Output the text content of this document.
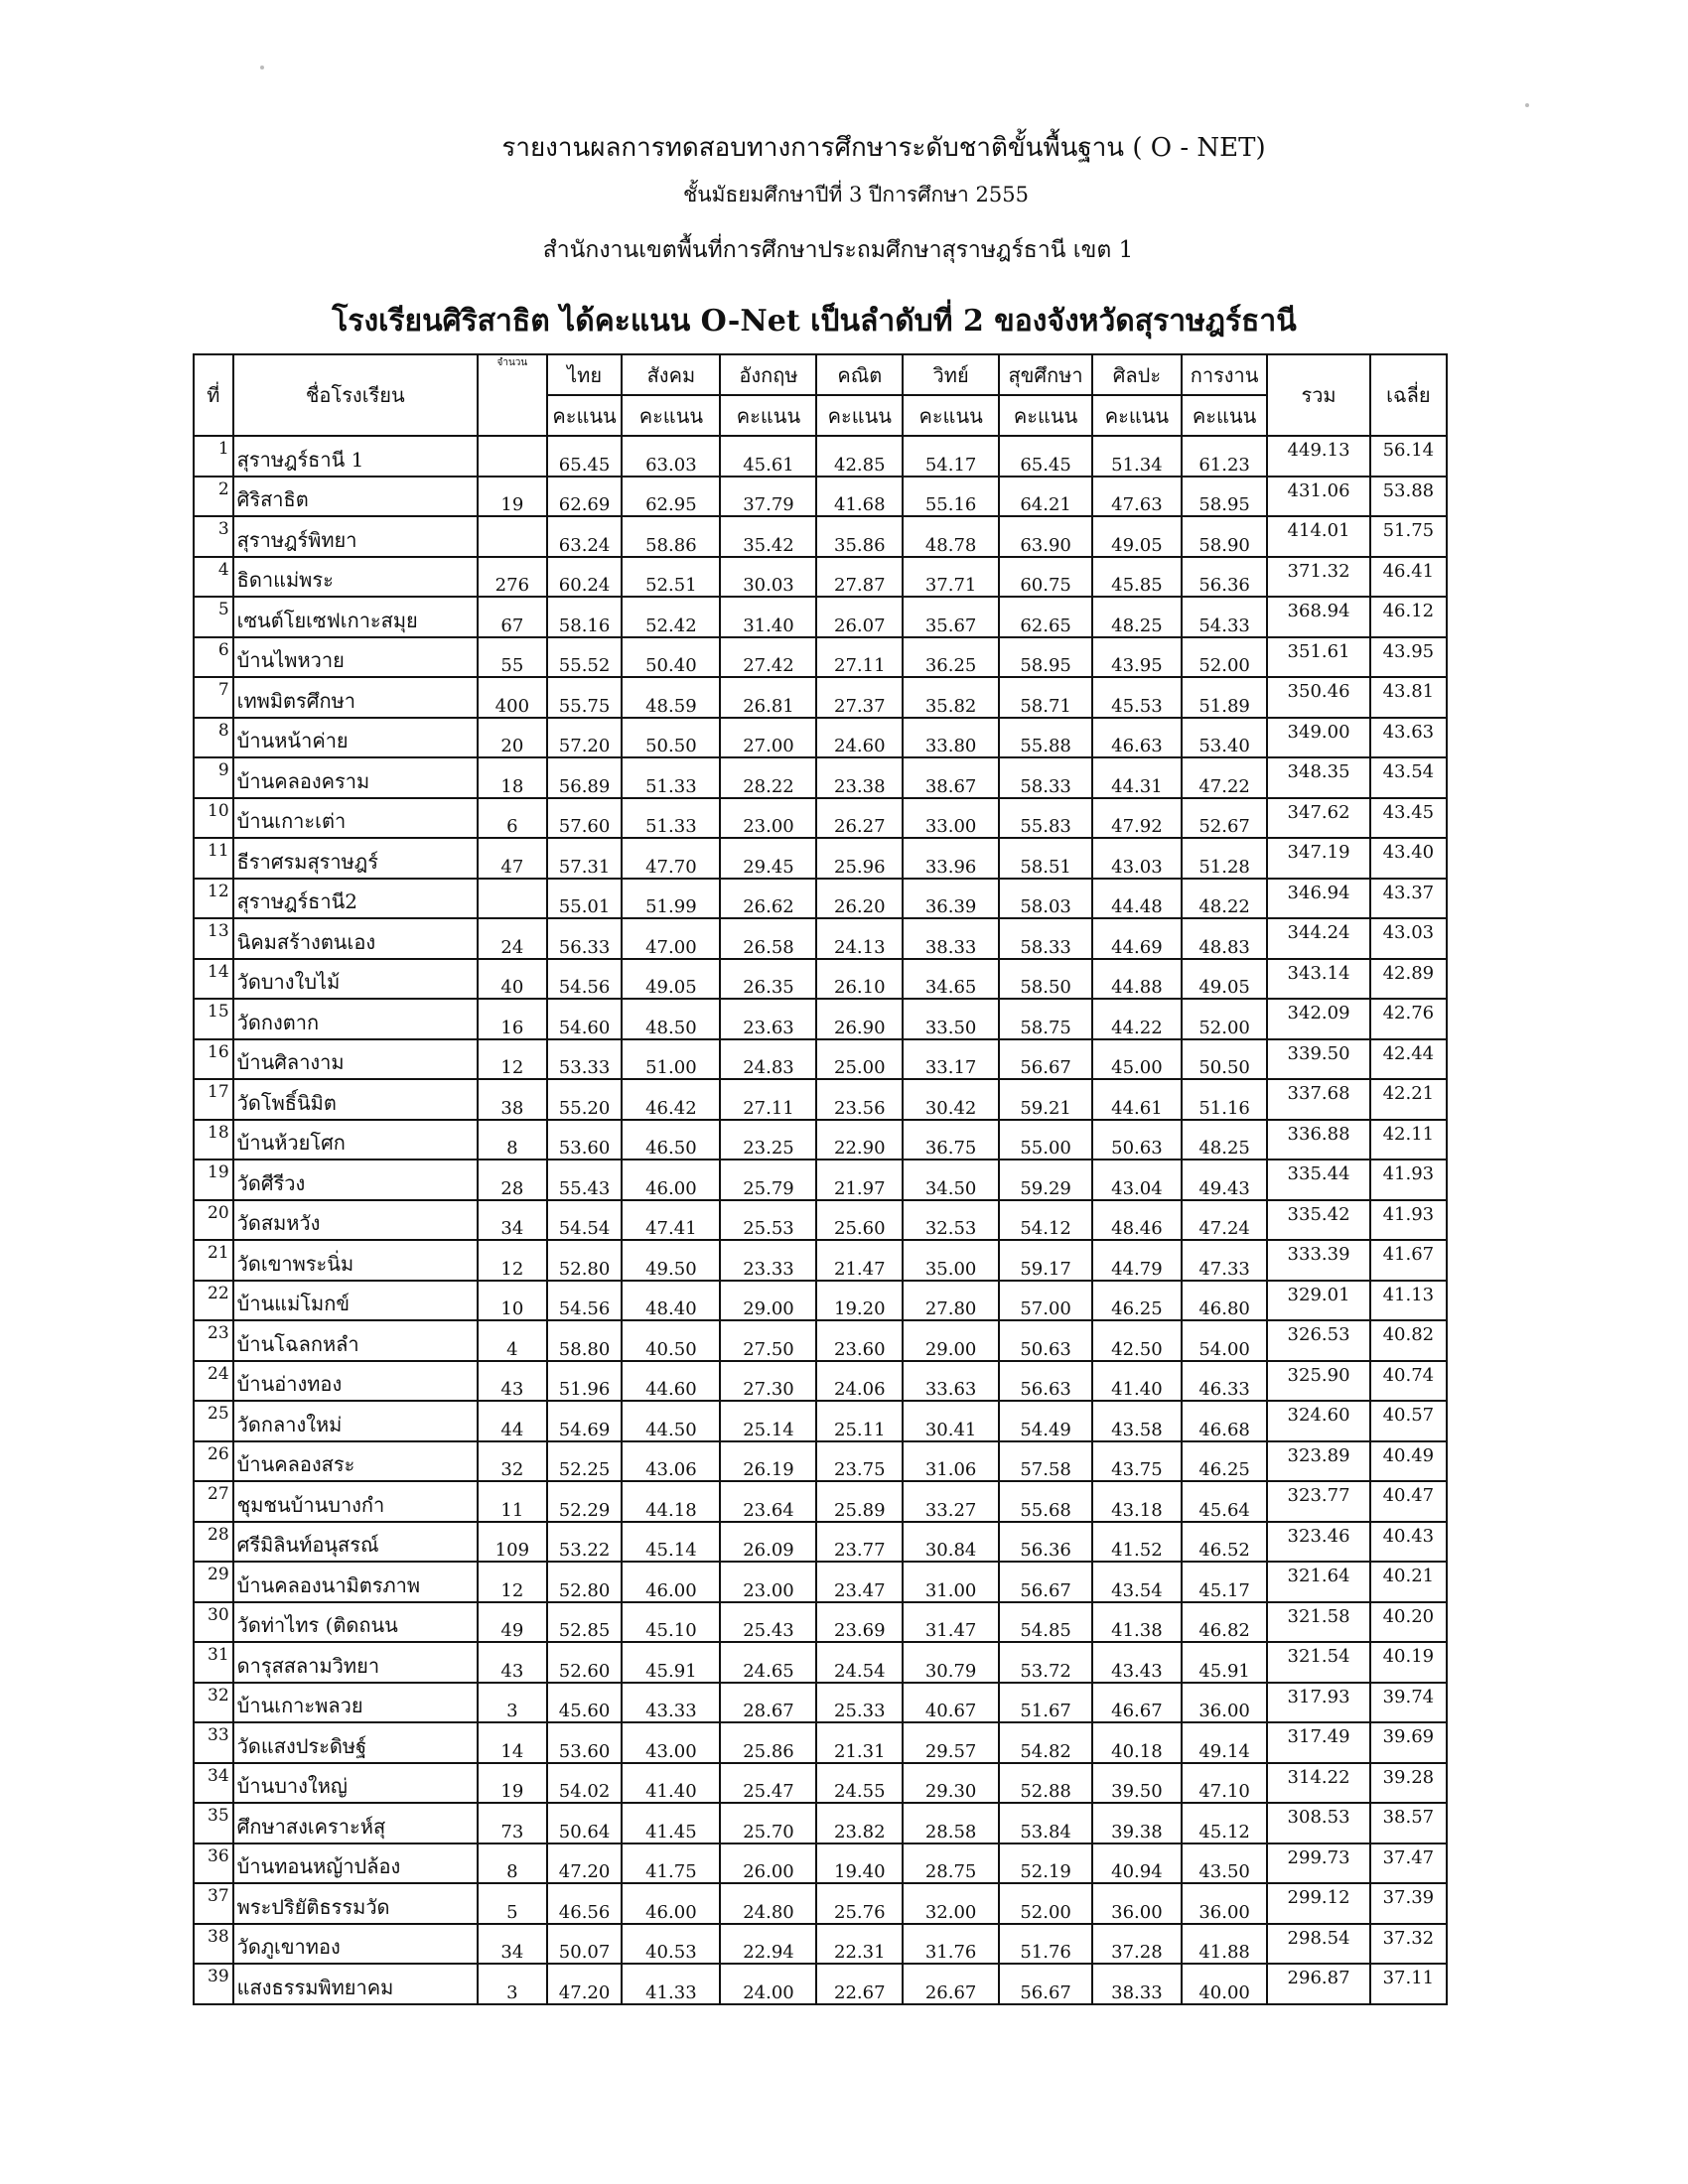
รายงานผลการทดสอบทางการศึกษาระดับชาติขั้นพื้นฐาน ( O - NET)
ชั้นมัธยมศึกษาปีที่ 3 ปีการศึกษา 2555
สำนักงานเขตพื้นที่การศึกษาประถมศึกษาสุราษฎร์ธานี เขต 1
โรงเรียนศิริสาธิต ได้คะแนน O-Net เป็นลำดับที่ 2 ของจังหวัดสุราษฎร์ธานี
ที่	ชื่อโรงเรียน	จำนวน	ไทย	สังคม	อังกฤษ	คณิต	วิทย์	สุขศึกษา	ศิลปะ	การงาน	รวม	เฉลี่ย
			คะแนน	คะแนน	คะแนน	คะแนน	คะแนน	คะแนน	คะแนน	คะแนน		
1	สุราษฎร์ธานี 1		65.45	63.03	45.61	42.85	54.17	65.45	51.34	61.23	449.13	56.14
2	ศิริสาธิต	19	62.69	62.95	37.79	41.68	55.16	64.21	47.63	58.95	431.06	53.88
3	สุราษฎร์พิทยา		63.24	58.86	35.42	35.86	48.78	63.90	49.05	58.90	414.01	51.75
4	ธิดาแม่พระ	276	60.24	52.51	30.03	27.87	37.71	60.75	45.85	56.36	371.32	46.41
5	เซนต์โยเซฟเกาะสมุย	67	58.16	52.42	31.40	26.07	35.67	62.65	48.25	54.33	368.94	46.12
6	บ้านไพหวาย	55	55.52	50.40	27.42	27.11	36.25	58.95	43.95	52.00	351.61	43.95
7	เทพมิตรศึกษา	400	55.75	48.59	26.81	27.37	35.82	58.71	45.53	51.89	350.46	43.81
8	บ้านหน้าค่าย	20	57.20	50.50	27.00	24.60	33.80	55.88	46.63	53.40	349.00	43.63
9	บ้านคลองคราม	18	56.89	51.33	28.22	23.38	38.67	58.33	44.31	47.22	348.35	43.54
10	บ้านเกาะเต่า	6	57.60	51.33	23.00	26.27	33.00	55.83	47.92	52.67	347.62	43.45
11	ธีราศรมสุราษฎร์	47	57.31	47.70	29.45	25.96	33.96	58.51	43.03	51.28	347.19	43.40
12	สุราษฎร์ธานี2		55.01	51.99	26.62	26.20	36.39	58.03	44.48	48.22	346.94	43.37
13	นิคมสร้างตนเอง	24	56.33	47.00	26.58	24.13	38.33	58.33	44.69	48.83	344.24	43.03
14	วัดบางใบไม้	40	54.56	49.05	26.35	26.10	34.65	58.50	44.88	49.05	343.14	42.89
15	วัดกงตาก	16	54.60	48.50	23.63	26.90	33.50	58.75	44.22	52.00	342.09	42.76
16	บ้านศิลางาม	12	53.33	51.00	24.83	25.00	33.17	56.67	45.00	50.50	339.50	42.44
17	วัดโพธิ์นิมิต	38	55.20	46.42	27.11	23.56	30.42	59.21	44.61	51.16	337.68	42.21
18	บ้านห้วยโศก	8	53.60	46.50	23.25	22.90	36.75	55.00	50.63	48.25	336.88	42.11
19	วัดศีรีวง	28	55.43	46.00	25.79	21.97	34.50	59.29	43.04	49.43	335.44	41.93
20	วัดสมหวัง	34	54.54	47.41	25.53	25.60	32.53	54.12	48.46	47.24	335.42	41.93
21	วัดเขาพระนิ่ม	12	52.80	49.50	23.33	21.47	35.00	59.17	44.79	47.33	333.39	41.67
22	บ้านแม่โมกข์	10	54.56	48.40	29.00	19.20	27.80	57.00	46.25	46.80	329.01	41.13
23	บ้านโฉลกหลำ	4	58.80	40.50	27.50	23.60	29.00	50.63	42.50	54.00	326.53	40.82
24	บ้านอ่างทอง	43	51.96	44.60	27.30	24.06	33.63	56.63	41.40	46.33	325.90	40.74
25	วัดกลางใหม่	44	54.69	44.50	25.14	25.11	30.41	54.49	43.58	46.68	324.60	40.57
26	บ้านคลองสระ	32	52.25	43.06	26.19	23.75	31.06	57.58	43.75	46.25	323.89	40.49
27	ชุมชนบ้านบางกำ	11	52.29	44.18	23.64	25.89	33.27	55.68	43.18	45.64	323.77	40.47
28	ศรีมิลินท์อนุสรณ์	109	53.22	45.14	26.09	23.77	30.84	56.36	41.52	46.52	323.46	40.43
29	บ้านคลองนามิตรภาพ	12	52.80	46.00	23.00	23.47	31.00	56.67	43.54	45.17	321.64	40.21
30	วัดท่าไทร (ติดถนน	49	52.85	45.10	25.43	23.69	31.47	54.85	41.38	46.82	321.58	40.20
31	ดารุสสลามวิทยา	43	52.60	45.91	24.65	24.54	30.79	53.72	43.43	45.91	321.54	40.19
32	บ้านเกาะพลวย	3	45.60	43.33	28.67	25.33	40.67	51.67	46.67	36.00	317.93	39.74
33	วัดแสงประดิษฐ์	14	53.60	43.00	25.86	21.31	29.57	54.82	40.18	49.14	317.49	39.69
34	บ้านบางใหญ่	19	54.02	41.40	25.47	24.55	29.30	52.88	39.50	47.10	314.22	39.28
35	ศึกษาสงเคราะห์สุ	73	50.64	41.45	25.70	23.82	28.58	53.84	39.38	45.12	308.53	38.57
36	บ้านทอนหญ้าปล้อง	8	47.20	41.75	26.00	19.40	28.75	52.19	40.94	43.50	299.73	37.47
37	พระปริยัติธรรมวัด	5	46.56	46.00	24.80	25.76	32.00	52.00	36.00	36.00	299.12	37.39
38	วัดภูเขาทอง	34	50.07	40.53	22.94	22.31	31.76	51.76	37.28	41.88	298.54	37.32
39	แสงธรรมพิทยาคม	3	47.20	41.33	24.00	22.67	26.67	56.67	38.33	40.00	296.87	37.11
